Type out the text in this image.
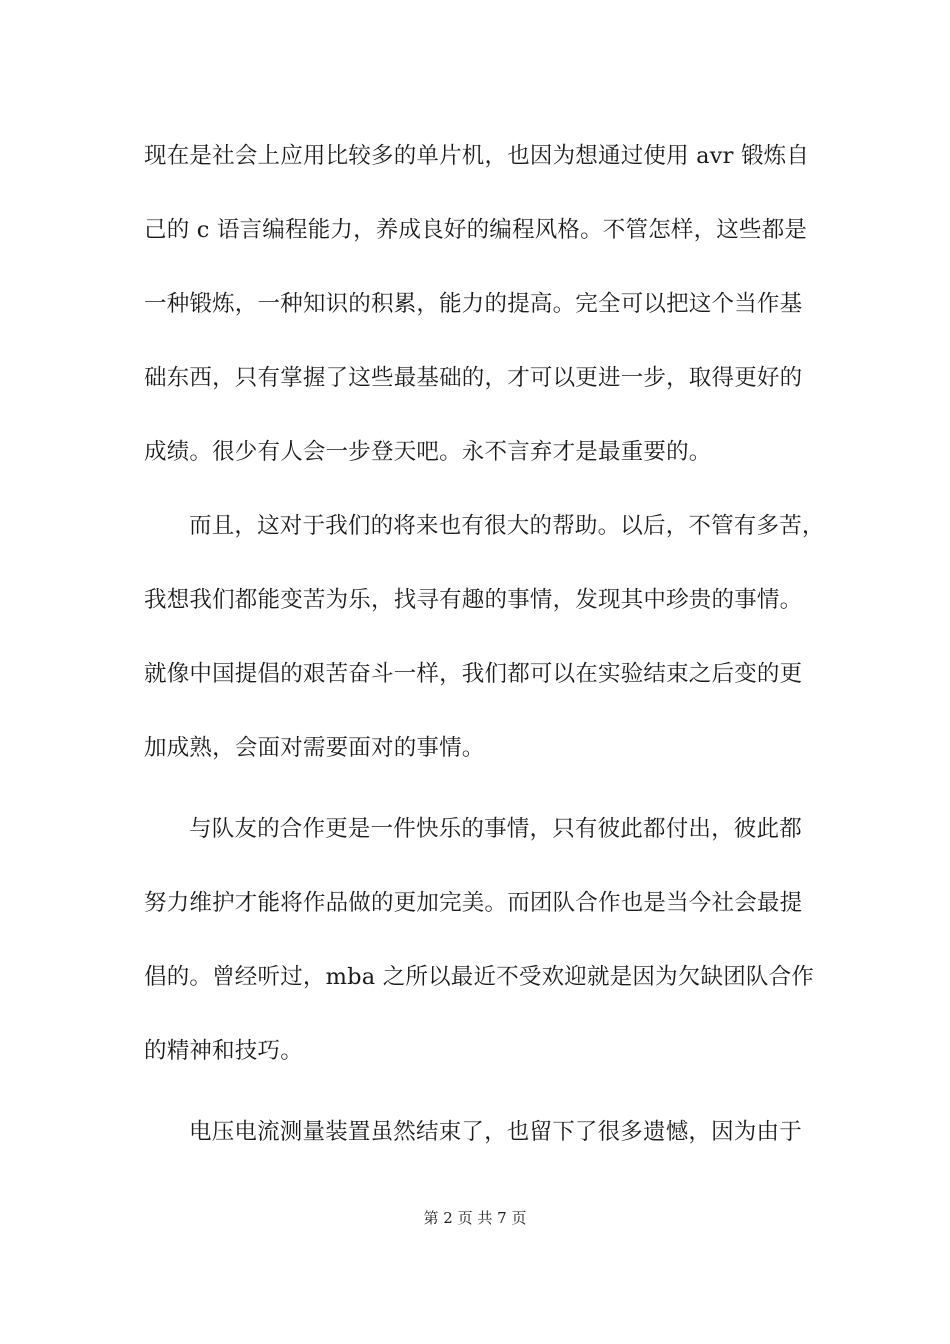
现在是社会上应用比较多的单片机，也因为想通过使用 avr 锻炼自
己的 c 语言编程能力，养成良好的编程风格。不管怎样，这些都是
一种锻炼，一种知识的积累，能力的提高。完全可以把这个当作基
础东西，只有掌握了这些最基础的，才可以更进一步，取得更好的
成绩。很少有人会一步登天吧。永不言弃才是最重要的。
而且，这对于我们的将来也有很大的帮助。以后，不管有多苦，
我想我们都能变苦为乐，找寻有趣的事情，发现其中珍贵的事情。
就像中国提倡的艰苦奋斗一样，我们都可以在实验结束之后变的更
加成熟，会面对需要面对的事情。
与队友的合作更是一件快乐的事情，只有彼此都付出，彼此都
努力维护才能将作品做的更加完美。而团队合作也是当今社会最提
倡的。曾经听过，mba 之所以最近不受欢迎就是因为欠缺团队合作
的精神和技巧。
电压电流测量装置虽然结束了，也留下了很多遗憾，因为由于
第 2 页 共 7 页
